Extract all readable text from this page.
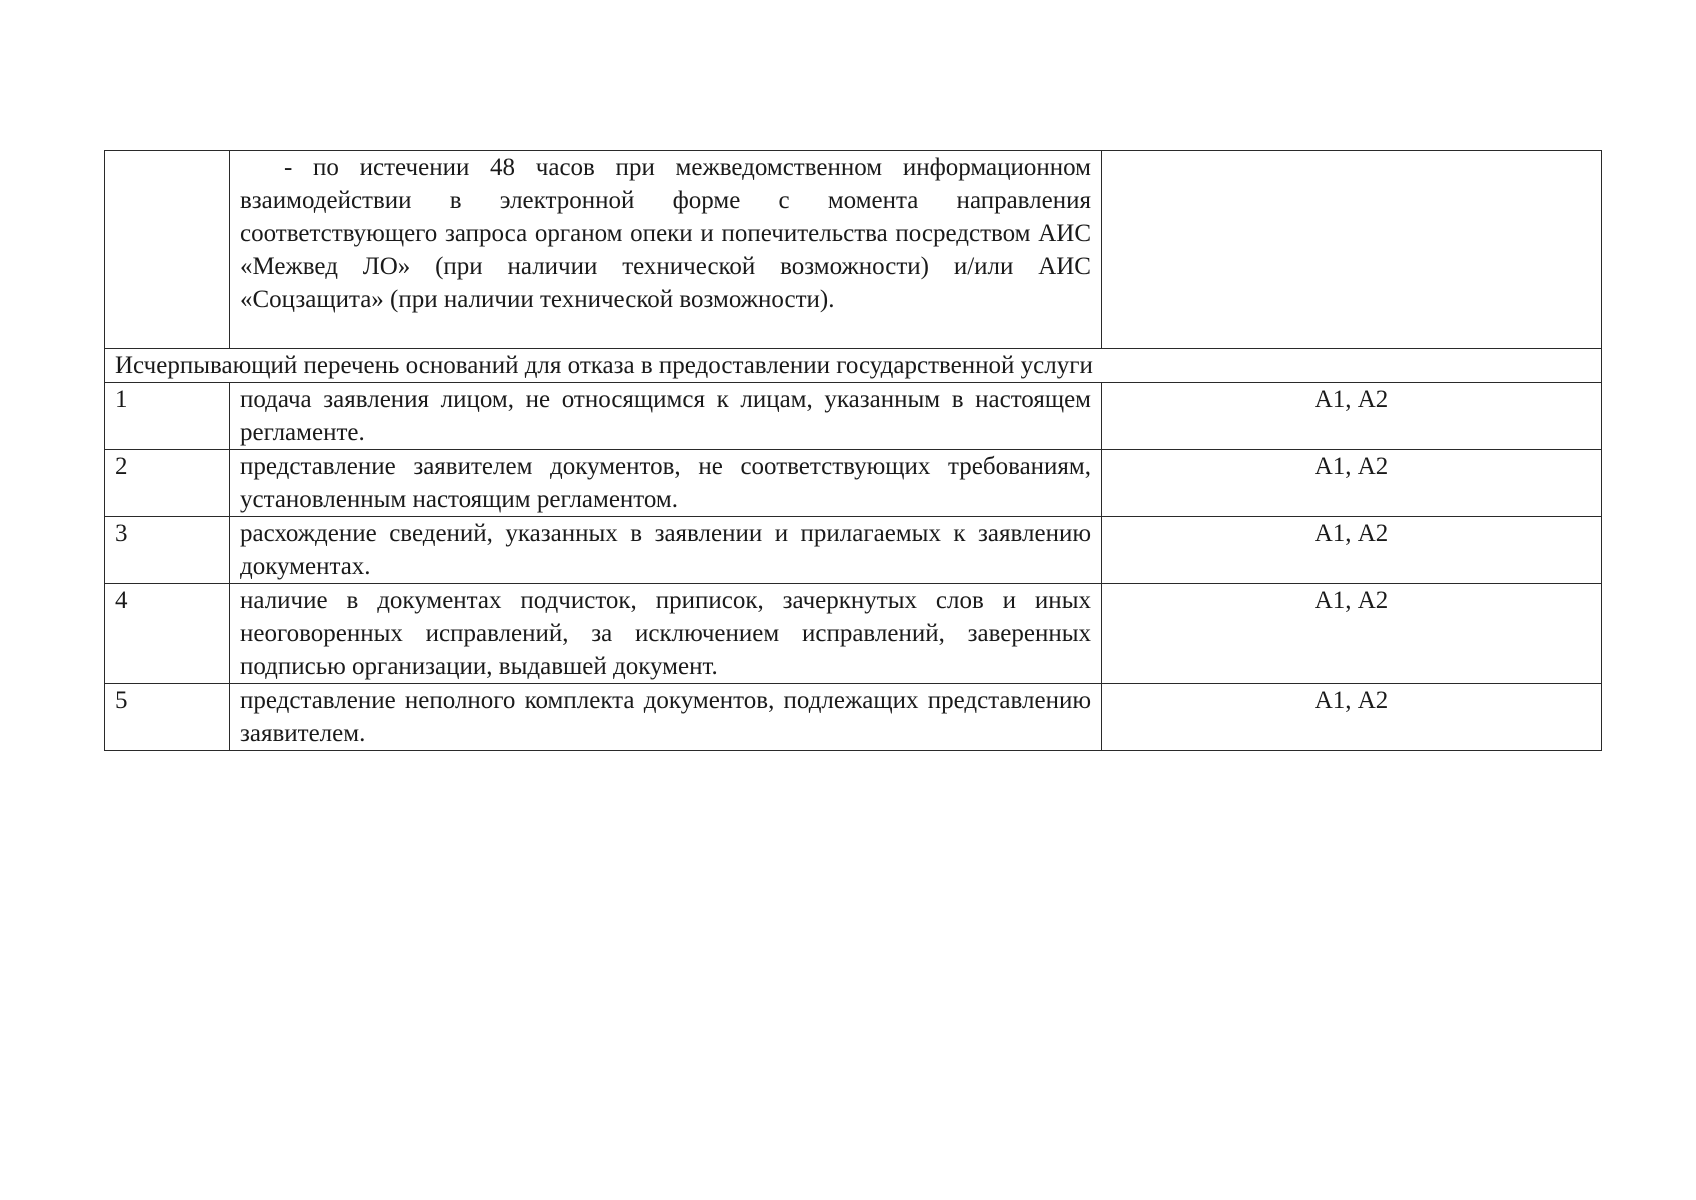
	- по истечении 48 часов при межведомственном информационном взаимодействии в электронной форме с момента направления соответствующего запроса органом опеки и попечительства посредством АИС «Межвед ЛО» (при наличии технической возможности) и/или АИС «Соцзащита» (при наличии технической возможности).	
Исчерпывающий перечень оснований для отказа в предоставлении государственной услуги		
1	подача заявления лицом, не относящимся к лицам, указанным в настоящем регламенте.	А1, А2
2	представление заявителем документов, не соответствующих требованиям, установленным настоящим регламентом.	А1, А2
3	расхождение сведений, указанных в заявлении и прилагаемых к заявлению документах.	А1, А2
4	наличие в документах подчисток, приписок, зачеркнутых слов и иных неоговоренных исправлений, за исключением исправлений, заверенных подписью организации, выдавшей документ.	А1, А2
5	представление неполного комплекта документов, подлежащих представлению заявителем.	А1, А2
